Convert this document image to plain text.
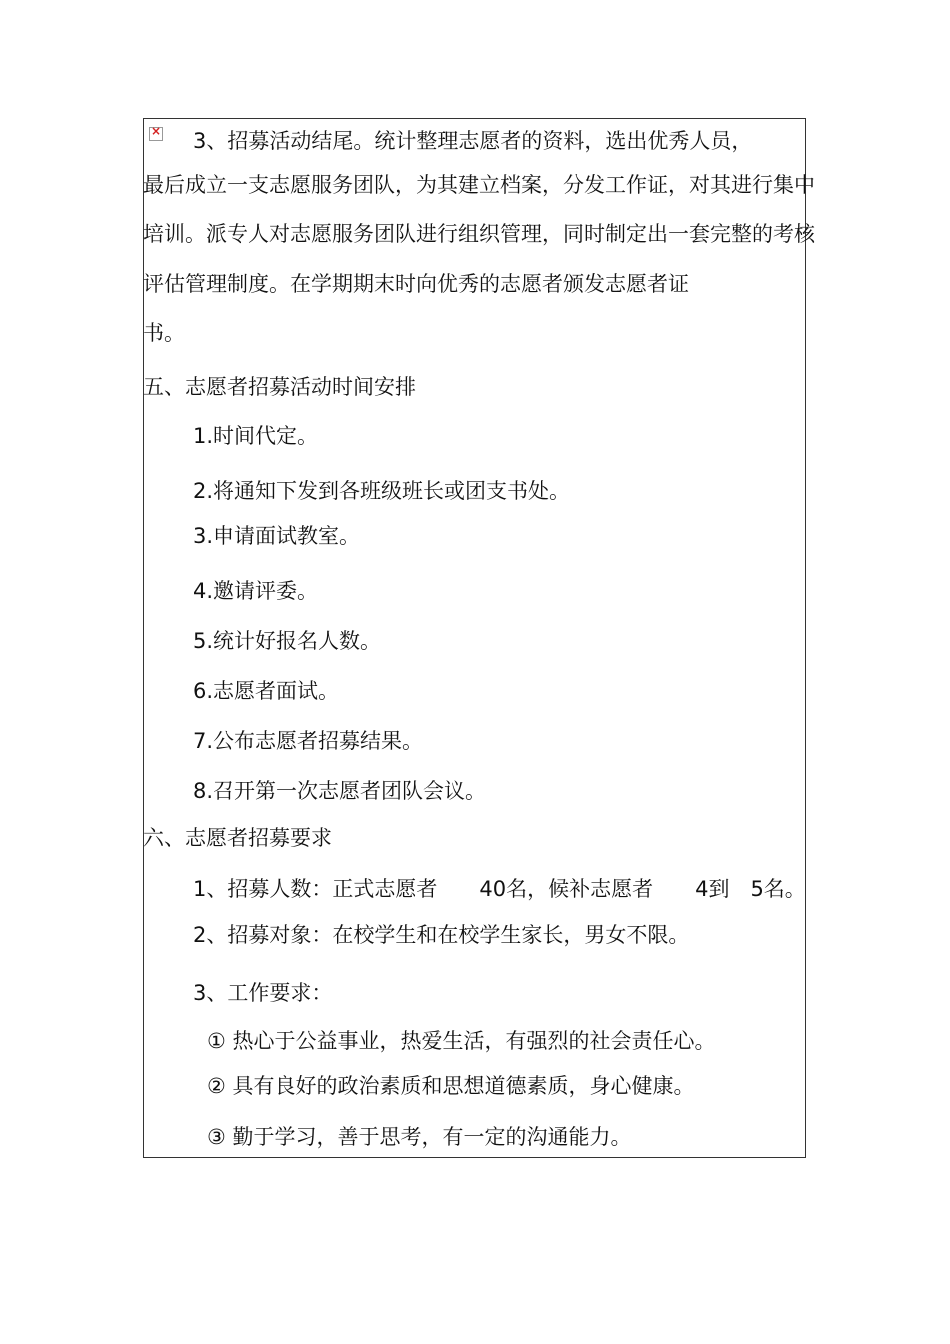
×
3、招募活动结尾。统计整理志愿者的资料，选出优秀人员，
最后成立一支志愿服务团队，为其建立档案，分发工作证，对其进行集中
培训。派专人对志愿服务团队进行组织管理，同时制定出一套完整的考核
评估管理制度。在学期期末时向优秀的志愿者颁发志愿者证
书。
五、志愿者招募活动时间安排
1.时间代定。
2.将通知下发到各班级班长或团支书处。
3.申请面试教室。
4.邀请评委。
5.统计好报名人数。
6.志愿者面试。
7.公布志愿者招募结果。
8.召开第一次志愿者团队会议。
六、志愿者招募要求
1、招募人数：正式志愿者　　40名，候补志愿者　　4到　5名。
2、招募对象：在校学生和在校学生家长，男女不限。
3、工作要求：
① 热心于公益事业，热爱生活，有强烈的社会责任心。
② 具有良好的政治素质和思想道德素质，身心健康。
③ 勤于学习，善于思考，有一定的沟通能力。
